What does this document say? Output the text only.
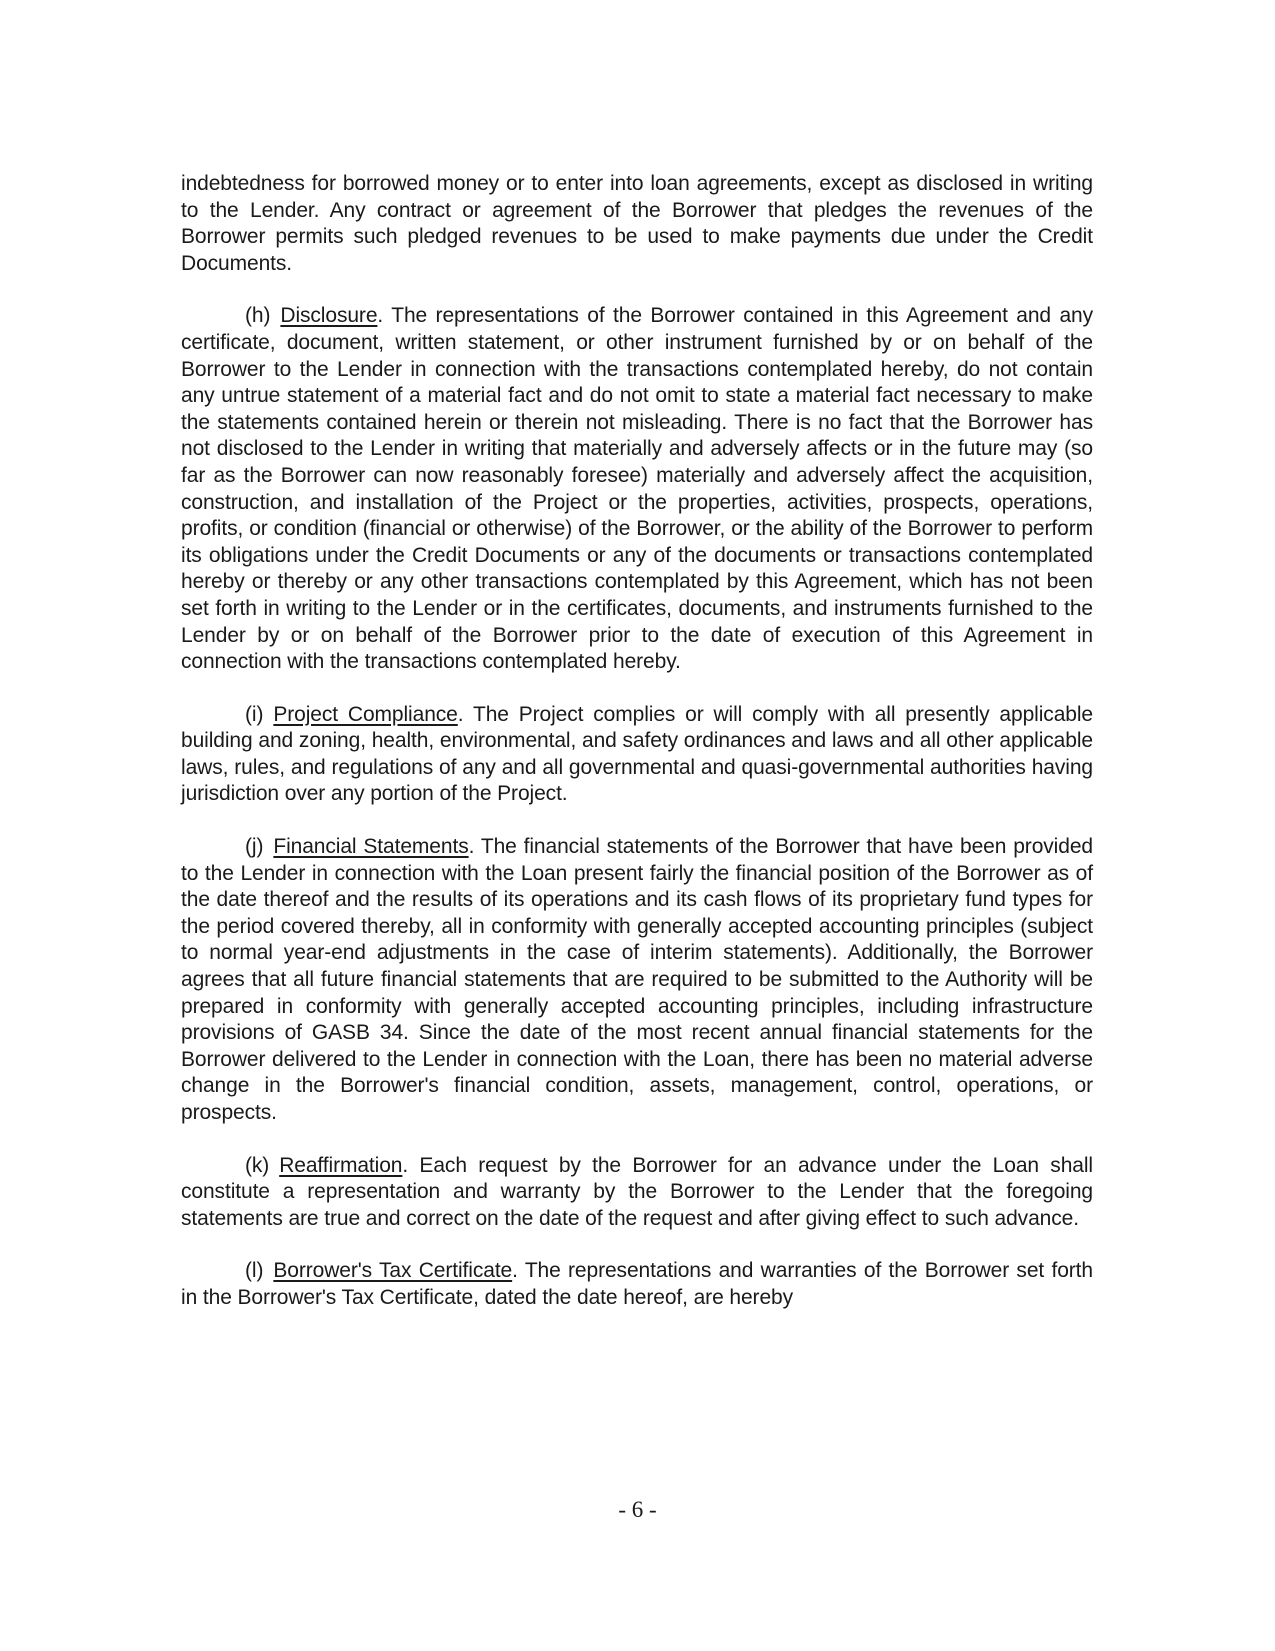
indebtedness for borrowed money or to enter into loan agreements, except as disclosed in writing to the Lender. Any contract or agreement of the Borrower that pledges the revenues of the Borrower permits such pledged revenues to be used to make payments due under the Credit Documents.

(h) Disclosure. The representations of the Borrower contained in this Agreement and any certificate, document, written statement, or other instrument furnished by or on behalf of the Borrower to the Lender in connection with the transactions contemplated hereby, do not contain any untrue statement of a material fact and do not omit to state a material fact necessary to make the statements contained herein or therein not misleading. There is no fact that the Borrower has not disclosed to the Lender in writing that materially and adversely affects or in the future may (so far as the Borrower can now reasonably foresee) materially and adversely affect the acquisition, construction, and installation of the Project or the properties, activities, prospects, operations, profits, or condition (financial or otherwise) of the Borrower, or the ability of the Borrower to perform its obligations under the Credit Documents or any of the documents or transactions contemplated hereby or thereby or any other transactions contemplated by this Agreement, which has not been set forth in writing to the Lender or in the certificates, documents, and instruments furnished to the Lender by or on behalf of the Borrower prior to the date of execution of this Agreement in connection with the transactions contemplated hereby.

(i) Project Compliance. The Project complies or will comply with all presently applicable building and zoning, health, environmental, and safety ordinances and laws and all other applicable laws, rules, and regulations of any and all governmental and quasi-governmental authorities having jurisdiction over any portion of the Project.

(j) Financial Statements. The financial statements of the Borrower that have been provided to the Lender in connection with the Loan present fairly the financial position of the Borrower as of the date thereof and the results of its operations and its cash flows of its proprietary fund types for the period covered thereby, all in conformity with generally accepted accounting principles (subject to normal year-end adjustments in the case of interim statements). Additionally, the Borrower agrees that all future financial statements that are required to be submitted to the Authority will be prepared in conformity with generally accepted accounting principles, including infrastructure provisions of GASB 34. Since the date of the most recent annual financial statements for the Borrower delivered to the Lender in connection with the Loan, there has been no material adverse change in the Borrower's financial condition, assets, management, control, operations, or prospects.

(k) Reaffirmation. Each request by the Borrower for an advance under the Loan shall constitute a representation and warranty by the Borrower to the Lender that the foregoing statements are true and correct on the date of the request and after giving effect to such advance.

(l) Borrower's Tax Certificate. The representations and warranties of the Borrower set forth in the Borrower's Tax Certificate, dated the date hereof, are hereby

- 6 -
